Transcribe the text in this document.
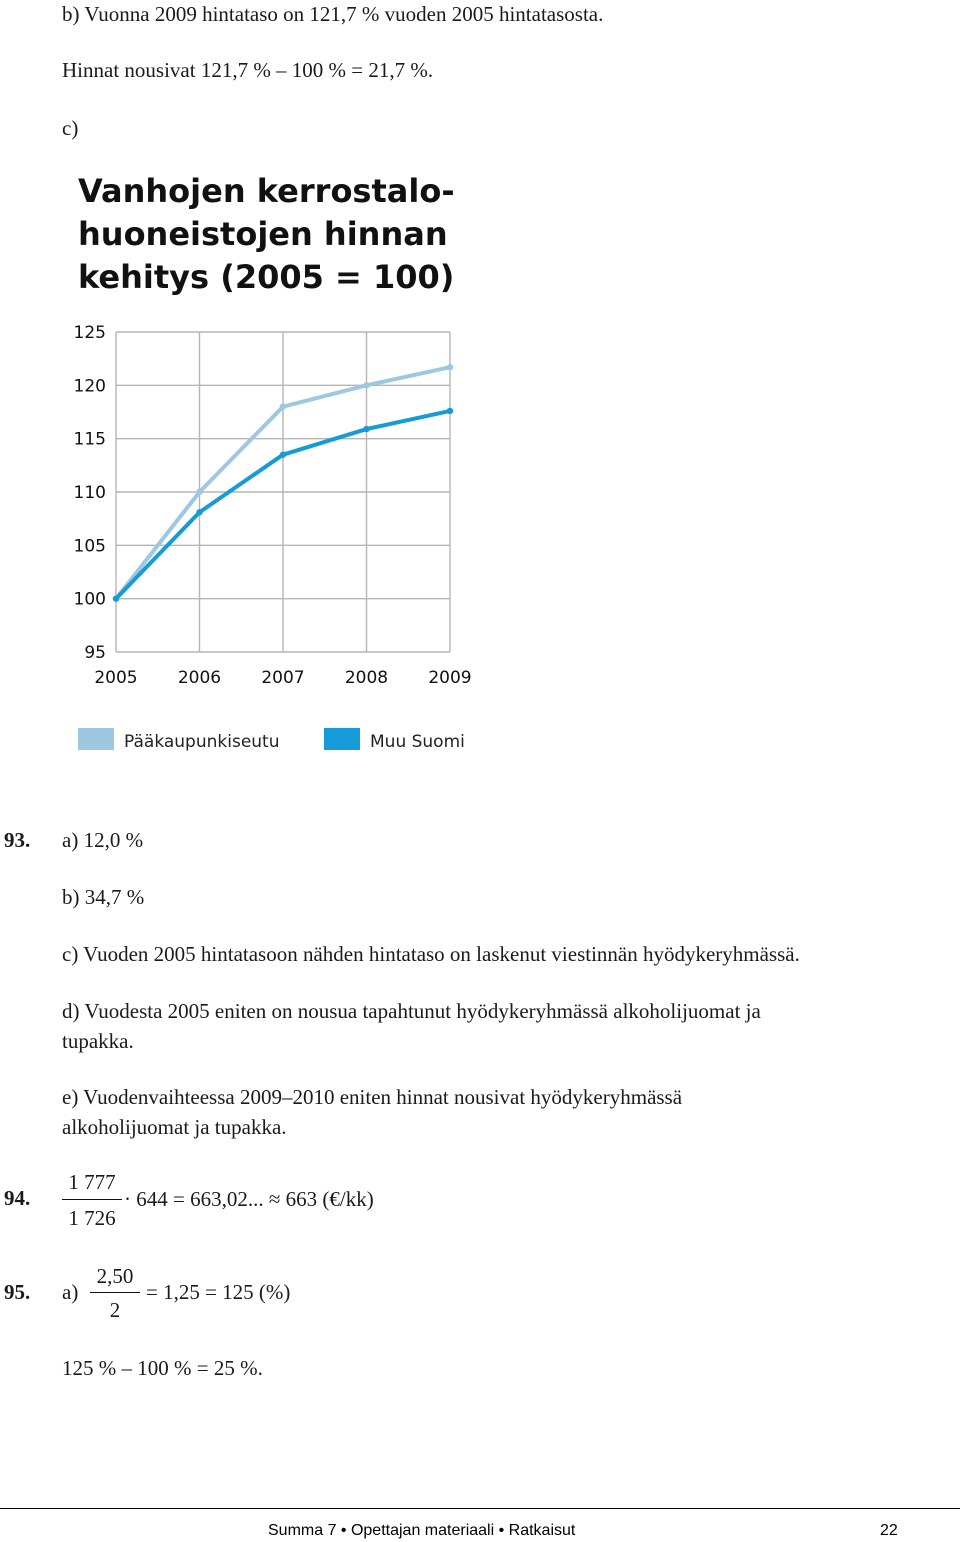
b) Vuonna 2009 hintataso on 121,7 % vuoden 2005 hintatasosta.
Hinnat nousivat 121,7 % – 100 % = 21,7 %.
c)
Vanhojen kerrostalo-
huoneistojen hinnan
kehitys (2005 = 100)
95
100
105
110
115
120
125
2005 2006 2007 2008 2009
Pääkaupunkiseutu	Muu Suomi
93. a) 12,0 %
b) 34,7 %
c) Vuoden 2005 hintatasoon nähden hintataso on laskenut viestinnän hyödykeryhmässä.
d) Vuodesta 2005 eniten on nousua tapahtunut hyödykeryhmässä alkoholijuomat ja
tupakka.
e) Vuodenvaihteessa 2009–2010 eniten hinnat nousivat hyödykeryhmässä
alkoholijuomat ja tupakka.
94.
1 777
1 726
· 644 = 663,02... ≈ 663 (€/kk)
95. a)
2,50
2
= 1,25 = 125 (%)
125 % – 100 % = 25 %.
Summa 7 • Opettajan materiaali • Ratkaisut	22
